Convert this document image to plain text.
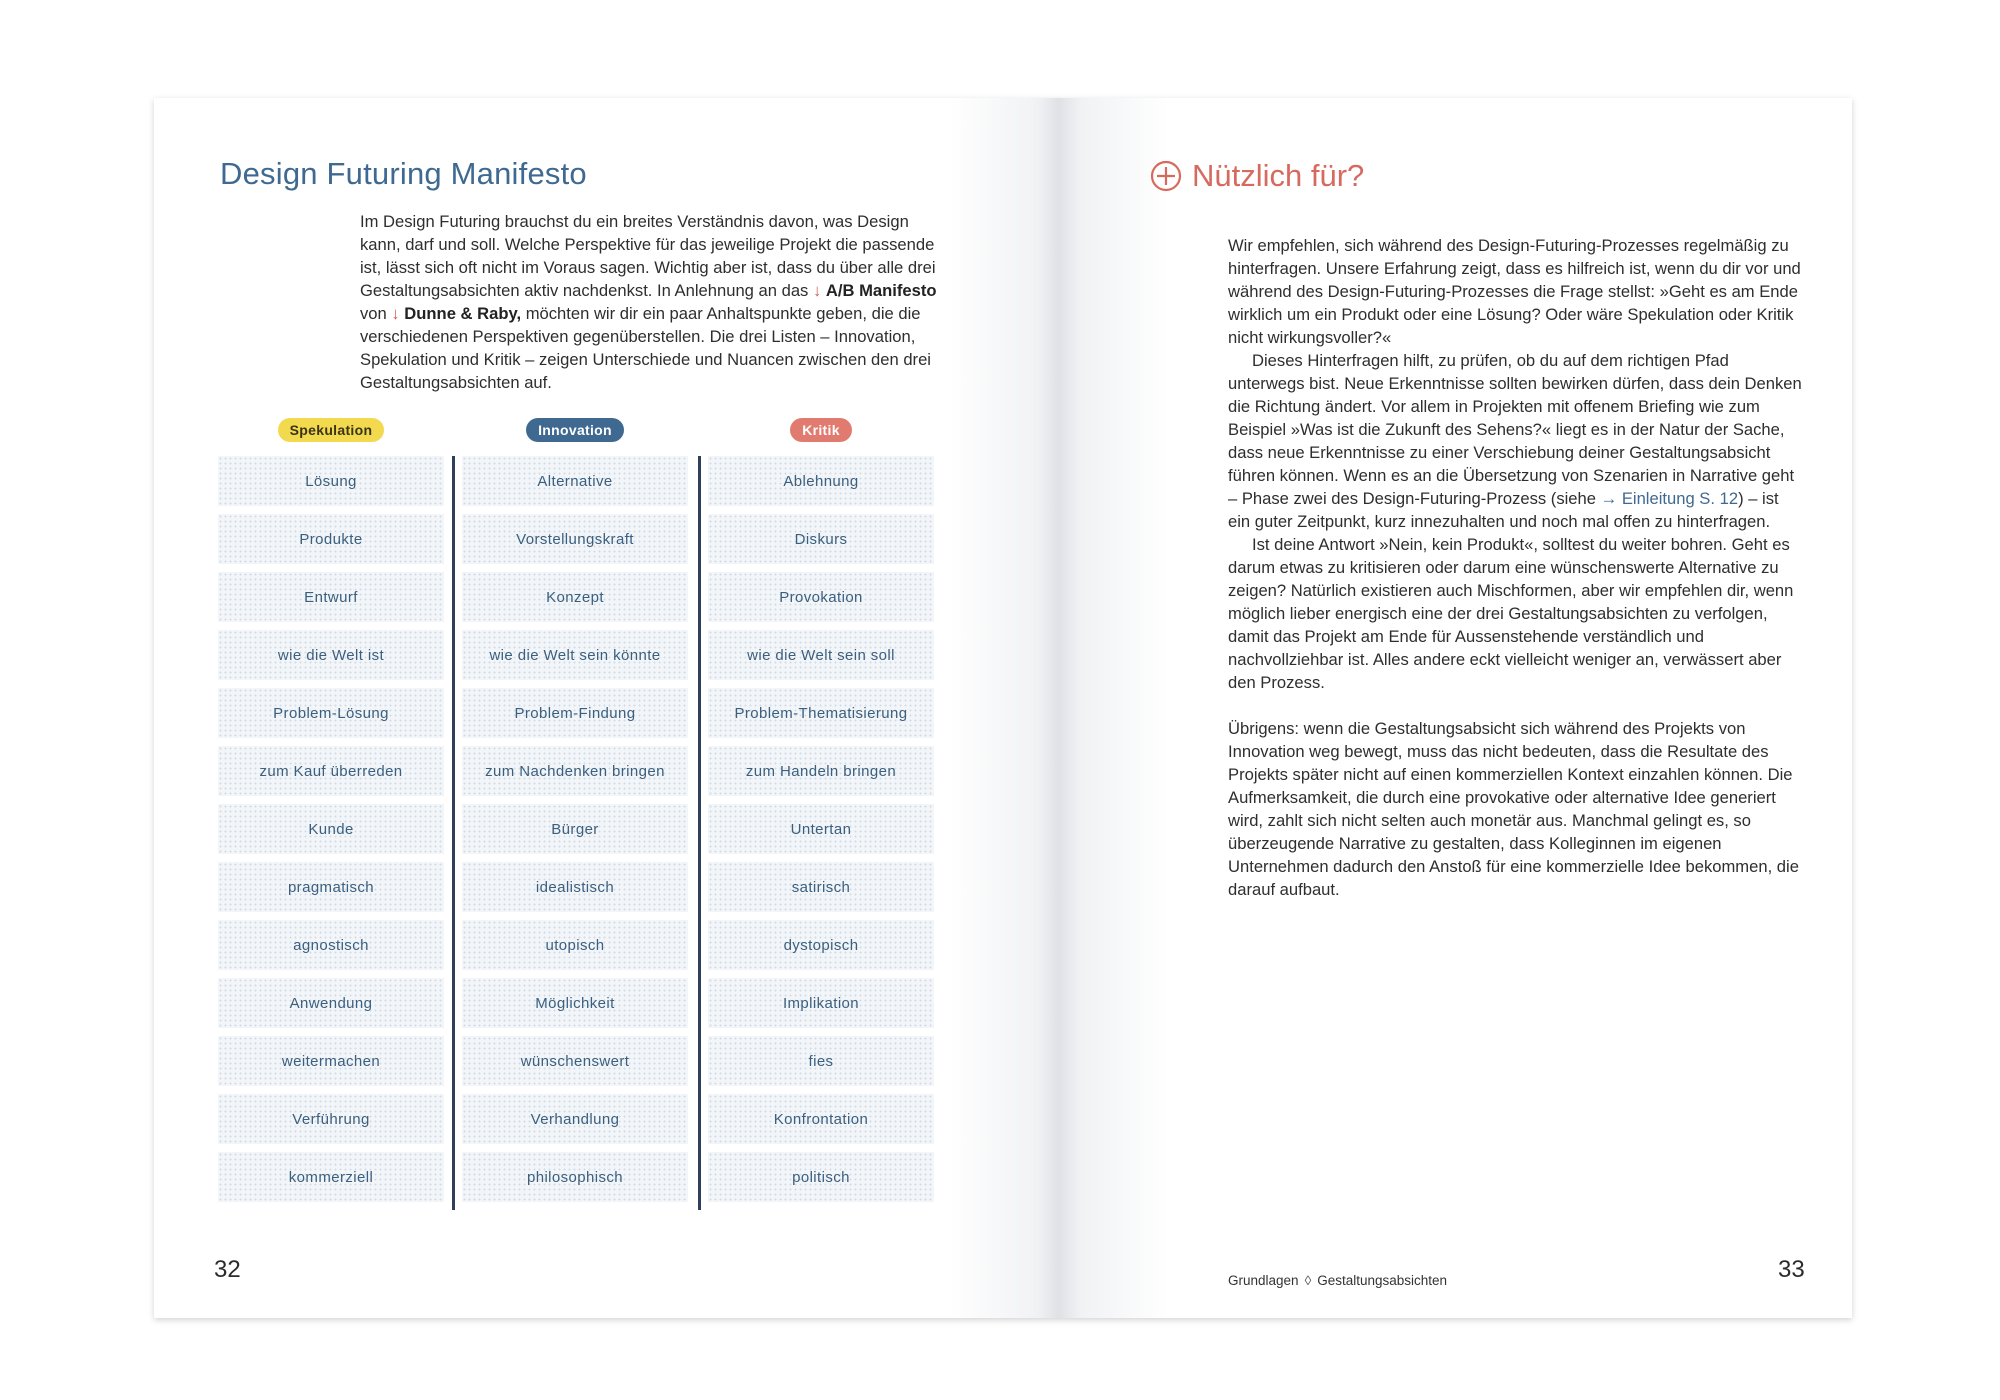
Design Futuring Manifesto

Im Design Futuring brauchst du ein breites Verständnis davon, was Design kann, darf und soll. Welche Perspektive für das jeweilige Projekt die passende ist, lässt sich oft nicht im Voraus sagen. Wichtig aber ist, dass du über alle drei Gestaltungsabsichten aktiv nachdenkst. In Anlehnung an das ↓ A/B Manifesto von ↓ Dunne & Raby, möchten wir dir ein paar Anhaltspunkte geben, die die verschiedenen Perspektiven gegenüberstellen. Die drei Listen – Innovation, Spekulation und Kritik – zeigen Unterschiede und Nuancen zwischen den drei Gestaltungsabsichten auf.

Spekulation
Lösung
Produkte
Entwurf
wie die Welt ist
Problem-Lösung
zum Kauf überreden
Kunde
pragmatisch
agnostisch
Anwendung
weitermachen
Verführung
kommerziell
Innovation
Alternative
Vorstellungskraft
Konzept
wie die Welt sein könnte
Problem-Findung
zum Nachdenken bringen
Bürger
idealistisch
utopisch
Möglichkeit
wünschenswert
Verhandlung
philosophisch
Kritik
Ablehnung
Diskurs
Provokation
wie die Welt sein soll
Problem-Thematisierung
zum Handeln bringen
Untertan
satirisch
dystopisch
Implikation
fies
Konfrontation
politisch
32
Nützlich für?

Wir empfehlen, sich während des Design-Futuring-Prozesses regelmäßig zu hinterfragen. Unsere Erfahrung zeigt, dass es hilfreich ist, wenn du dir vor und während des Design-Futuring-Prozesses die Frage stellst: »Geht es am Ende wirklich um ein Produkt oder eine Lösung? Oder wäre Spekulation oder Kritik nicht wirkungsvoller?«

Dieses Hinterfragen hilft, zu prüfen, ob du auf dem richtigen Pfad unterwegs bist. Neue Erkenntnisse sollten bewirken dürfen, dass dein Denken die Richtung ändert. Vor allem in Projekten mit offenem Briefing wie zum Beispiel »Was ist die Zukunft des Sehens?« liegt es in der Natur der Sache, dass neue Erkenntnisse zu einer Verschiebung deiner Gestaltungsabsicht führen können. Wenn es an die Übersetzung von Szenarien in Narrative geht – Phase zwei des Design-Futuring-Prozess (siehe → Einleitung S. 12) – ist ein guter Zeitpunkt, kurz innezuhalten und noch mal offen zu hinterfragen.

Ist deine Antwort »Nein, kein Produkt«, solltest du weiter bohren. Geht es darum etwas zu kritisieren oder darum eine wünschenswerte Alternative zu zeigen? Natürlich existieren auch Mischformen, aber wir empfehlen dir, wenn möglich lieber energisch eine der drei Gestaltungsabsichten zu verfolgen, damit das Projekt am Ende für Aussenstehende verständlich und nachvollziehbar ist. Alles andere eckt vielleicht weniger an, verwässert aber den Prozess.

Übrigens: wenn die Gestaltungsabsicht sich während des Projekts von Innovation weg bewegt, muss das nicht bedeuten, dass die Resultate des Projekts später nicht auf einen kommerziellen Kontext einzahlen können. Die Aufmerksamkeit, die durch eine provokative oder alternative Idee generiert wird, zahlt sich nicht selten auch monetär aus. Manchmal gelingt es, so überzeugende Narrative zu gestalten, dass Kolleginnen im eigenen Unternehmen dadurch den Anstoß für eine kommerzielle Idee bekommen, die darauf aufbaut.

Grundlagen ◊ Gestaltungsabsichten	33
